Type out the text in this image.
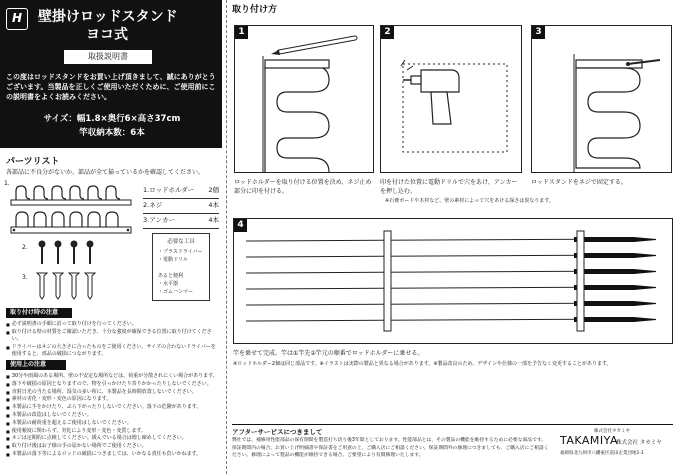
H	壁掛けロッドスタンド
ヨコ式
取扱説明書
この度はロッドスタンドをお買い上げ頂きまして、誠にありがとうございます。当製品を正しくご使用いただくために、ご使用前にこの説明書をよくお読みください。
サイズ：幅1.8×奥行6×高さ37cm
竿収納本数：6本
パーツリスト
各部品に不良分がないか、部品が全て揃っているかを確認してください。
1.
1.ロッドホルダー 2個
2.ネジ	4本
3.アンカー	4本
必要な工具
・プラスドライバー
・電動ドリル
あると便利
・水平器
・ゴムハンマー
2.
3.
取り付け時の注意
■ 必ず説明書の手順に沿って取り付けを行ってください。
■ 取り付ける壁の材質をご確認いただき、十分な強度が確保できる位置に取り付けてください。
■ ドライバーはネジの大きさに合ったものをご使用ください。サイズの合わないドライバーを使用すると、部品の破損につながります。
使用上の注意
■ 30分や雨風のある場所、壁の不安定な場所などは、荷重が分散されにくい場合があります。
■ 落下や破損の原因となりますので、物を引っかけたり寄りかかったりしないでください。
■ 直射日光の当たる場所、湿気の多い所に、本製品を長時間放置しないでください。
■ 素材の劣化・変形・変色の原因になります。
■ 本製品に手をかけたり、ぶら下がったりしないでください。落下の危険があります。
■ 本製品の改造はしないでください。
■ 本製品の耐荷重を超えるご使用はしないでください。
■ 使用頻度に関わらず、劣化により変形・変色・変質します。
■ ネジは定期的に点検してください。緩んでいる場合は増し締めしてください。
■ 取り付け後はお子様の手の届かない場所でご使用ください。
■ 本製品の落下等によるロッドの破損につきましては、いかなる責任も負いかねます。
取り付け方
1
ロッドホルダーを取り付ける位置を決め、ネジ止め部分に印を付ける。
2
印を付けた位置に電動ドリルで穴をあけ、アンカーを押し込む。
※石膏ボードや木材など、壁の素材によって穴をあける深さは異なります。
3
ロッドスタンドをネジで固定する。
4
竿を乗せて完成。竿は①竿先②竿元の順番でロッドホルダーに乗せる。
※ロッドホルダー2個は同じ部品です。※イラストは実際の製品と異なる場合があります。※製品改良のため、デザインや仕様の一部を予告なく変更することがあります。
アフターサービスにつきまして
弊社では、補修用性能部品の保有期間を製造打ち切り後3年間としております。性能部品とは、その製品の機能を維持するために必要な部品です。保証期間内の場合、お買い上げ明細書や保証書をご用意の上、ご購入店にご相談ください。保証期間外の修理につきましても、ご購入店にご相談ください。修理によって製品の機能が維持できる場合、ご要望により有償修理いたします。
株式会社タカミヤ
TAKAMIYA
株式会社 タカミヤ
福岡県北九州市八幡東区前田企業団地1-1
